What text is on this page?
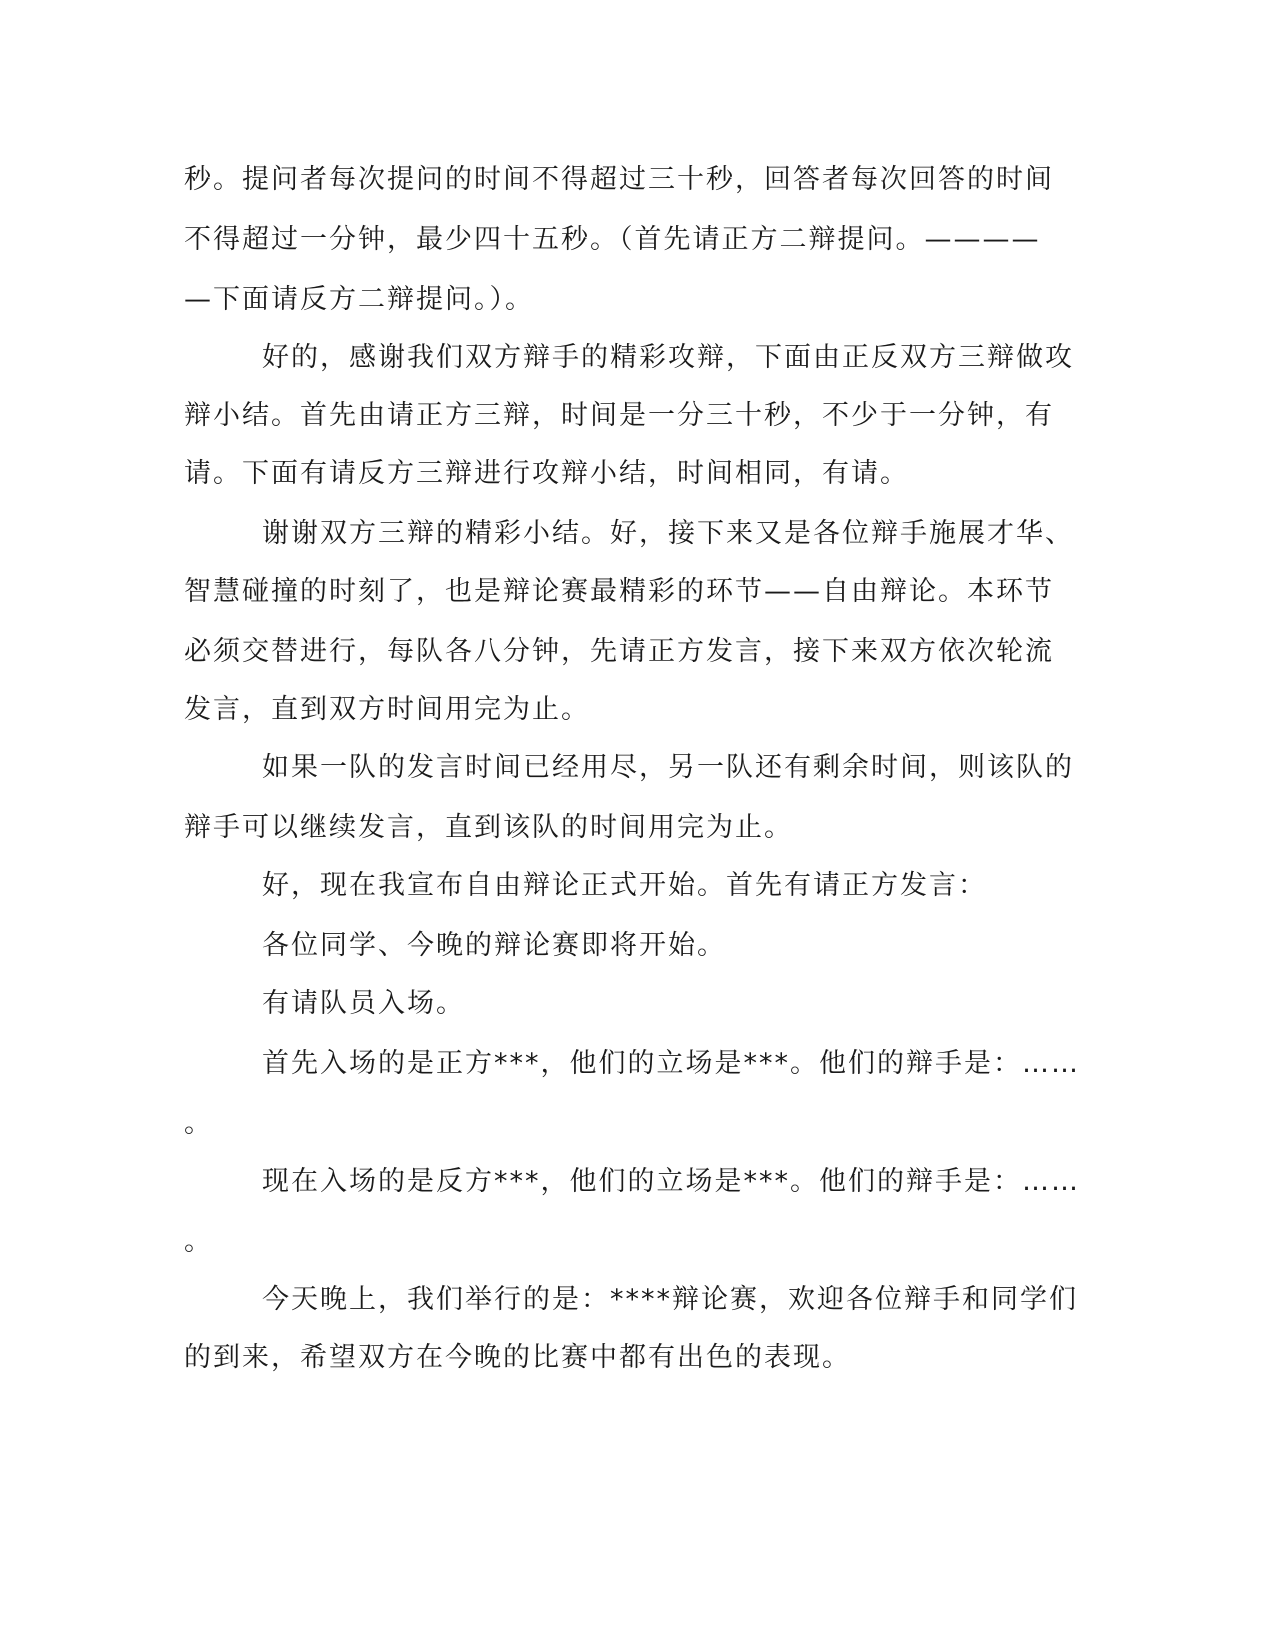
秒。提问者每次提问的时间不得超过三十秒，回答者每次回答的时间
不得超过一分钟，最少四十五秒。（首先请正方二辩提问。————
—下面请反方二辩提问。）。
好的，感谢我们双方辩手的精彩攻辩，下面由正反双方三辩做攻
辩小结。首先由请正方三辩，时间是一分三十秒，不少于一分钟，有
请。下面有请反方三辩进行攻辩小结，时间相同，有请。
谢谢双方三辩的精彩小结。好，接下来又是各位辩手施展才华、
智慧碰撞的时刻了，也是辩论赛最精彩的环节——自由辩论。本环节
必须交替进行，每队各八分钟，先请正方发言，接下来双方依次轮流
发言，直到双方时间用完为止。
如果一队的发言时间已经用尽，另一队还有剩余时间，则该队的
辩手可以继续发言，直到该队的时间用完为止。
好，现在我宣布自由辩论正式开始。首先有请正方发言：
各位同学、今晚的辩论赛即将开始。
有请队员入场。
首先入场的是正方***，他们的立场是***。他们的辩手是：……
。
现在入场的是反方***，他们的立场是***。他们的辩手是：……
。
今天晚上，我们举行的是：****辩论赛，欢迎各位辩手和同学们
的到来，希望双方在今晚的比赛中都有出色的表现。
